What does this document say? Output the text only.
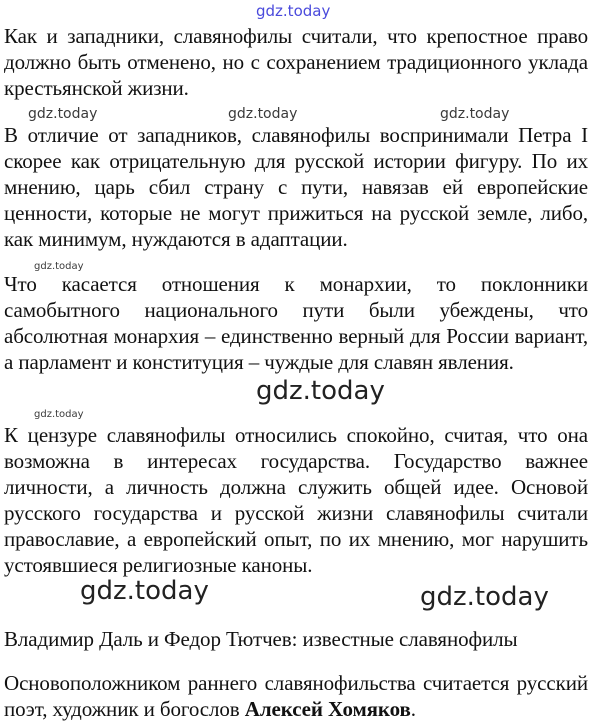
gdz.today

Как и западники, славянофилы считали, что крепостное право должно быть отменено, но с сохранением традиционного уклада крестьянской жизни.

gdz.today	gdz.today	gdz.today

В отличие от западников, славянофилы воспринимали Петра I скорее как отрицательную для русской истории фигуру. По их мнению, царь сбил страну с пути, навязав ей европейские ценности, которые не могут прижиться на русской земле, либо, как минимум, нуждаются в адаптации.

gdz.today

Что касается отношения к монархии, то поклонники самобытного национального пути были убеждены, что абсолютная монархия – единственно верный для России вариант, а парламент и конституция – чуждые для славян явления.

gdz.today
gdz.today

К цензуре славянофилы относились спокойно, считая, что она возможна в интересах государства. Государство важнее личности, а личность должна служить общей идее. Основой русского государства и русской жизни славянофилы считали православие, а европейский опыт, по их мнению, мог нарушить устоявшиеся религиозные каноны.

gdz.today	gdz.today

Владимир Даль и Федор Тютчев: известные славянофилы

Основоположником раннего славянофильства считается русский поэт, художник и богослов Алексей Хомяков.
